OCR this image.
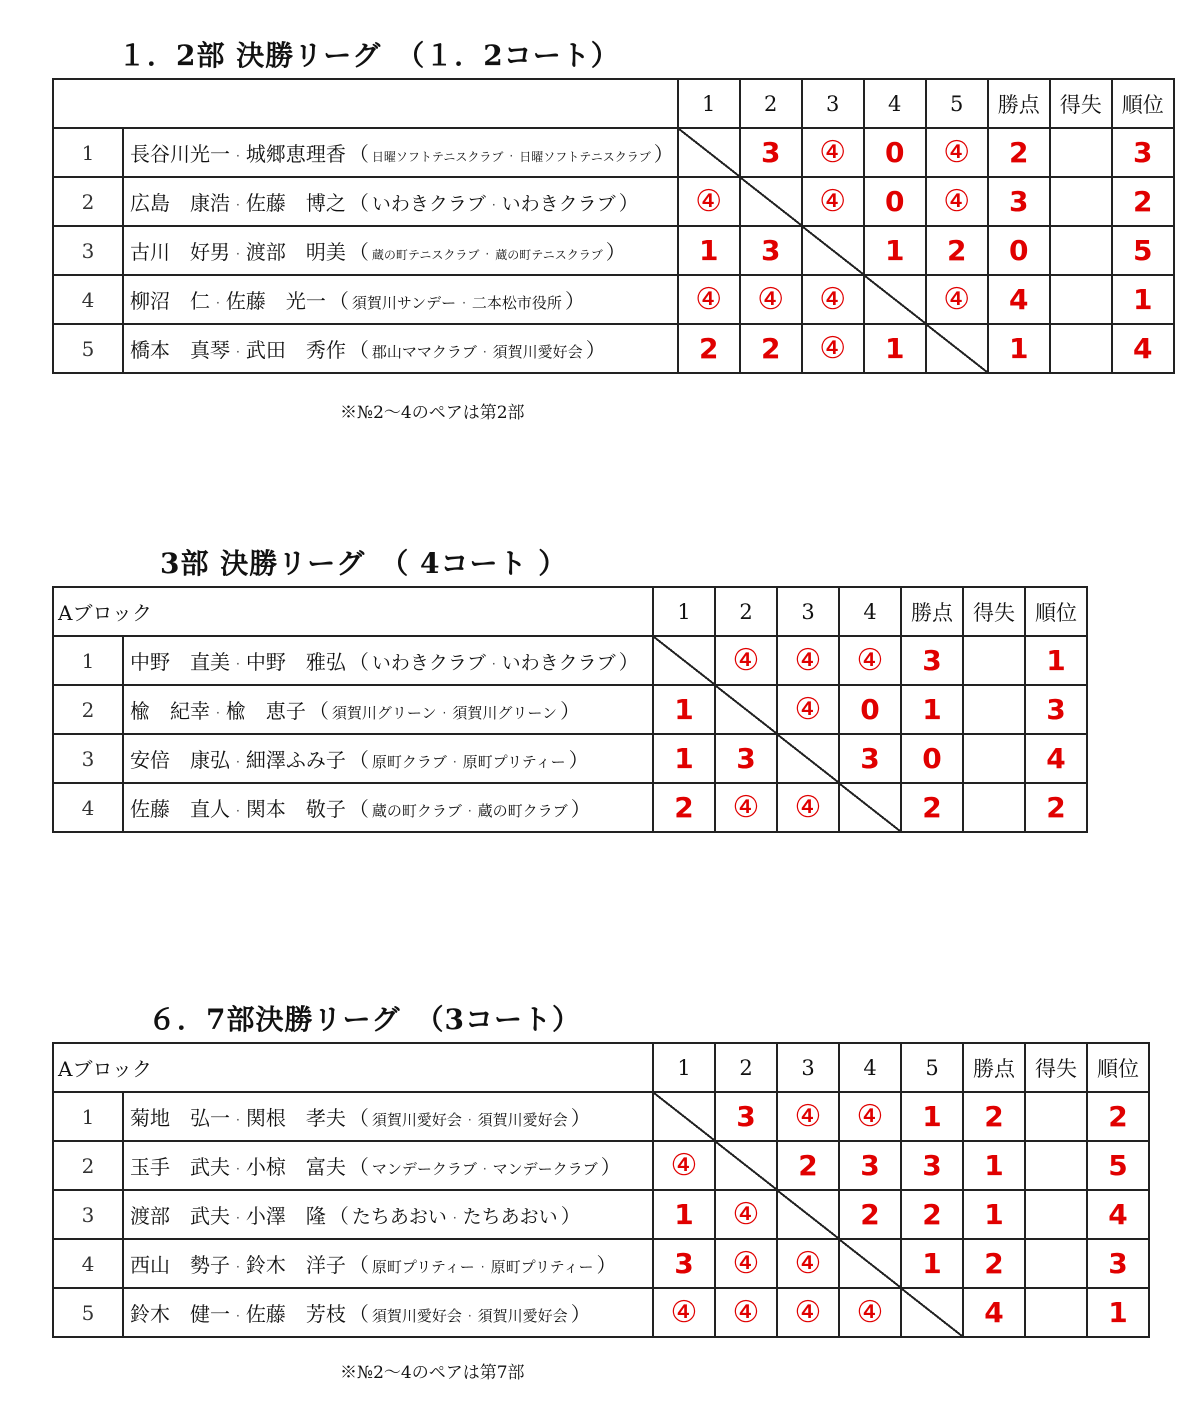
１．2部 決勝リーグ　（１．2コート）
		1	2	3	4	5	勝点	得失	順位
1	長谷川光一 · 城郷恵理香 （ 日曜ソフトテニスクラブ · 日曜ソフトテニスクラブ ）		3	④	0	④	2		3
2	広島　康浩 · 佐藤　博之 （ いわきクラブ · いわきクラブ ）	④		④	0	④	3		2
3	古川　好男 · 渡部　明美 （ 蔵の町テニスクラブ · 蔵の町テニスクラブ ）	1	3		1	2	0		5
4	柳沼　仁 · 佐藤　光一 （ 須賀川サンデー · 二本松市役所 ）	④	④	④		④	4		1
5	橋本　真琴 · 武田　秀作 （ 郡山ママクラブ · 須賀川愛好会 ）	2	2	④	1		1		4
※№2～4のペアは第2部
3部 決勝リーグ　（ 4コート ）
Aブロック		1	2	3	4	勝点	得失	順位
1	中野　直美 · 中野　雅弘 （ いわきクラブ · いわきクラブ ）		④	④	④	3		1
2	楡　紀幸 · 楡　恵子 （ 須賀川グリーン · 須賀川グリーン ）	1		④	0	1		3
3	安倍　康弘 · 細澤ふみ子 （ 原町クラブ · 原町プリティー ）	1	3		3	0		4
4	佐藤　直人 · 関本　敬子 （ 蔵の町クラブ · 蔵の町クラブ ）	2	④	④		2		2
６．7部決勝リーグ　（3コート）
Aブロック		1	2	3	4	5	勝点	得失	順位
1	菊地　弘一 · 関根　孝夫 （ 須賀川愛好会 · 須賀川愛好会 ）		3	④	④	1	2		2
2	玉手　武夫 · 小椋　富夫 （ マンデークラブ · マンデークラブ ）	④		2	3	3	1		5
3	渡部　武夫 · 小澤　隆 （ たちあおい · たちあおい ）	1	④		2	2	1		4
4	西山　勢子 · 鈴木　洋子 （ 原町プリティー · 原町プリティー ）	3	④	④		1	2		3
5	鈴木　健一 · 佐藤　芳枝 （ 須賀川愛好会 · 須賀川愛好会 ）	④	④	④	④		4		1
※№2～4のペアは第7部
